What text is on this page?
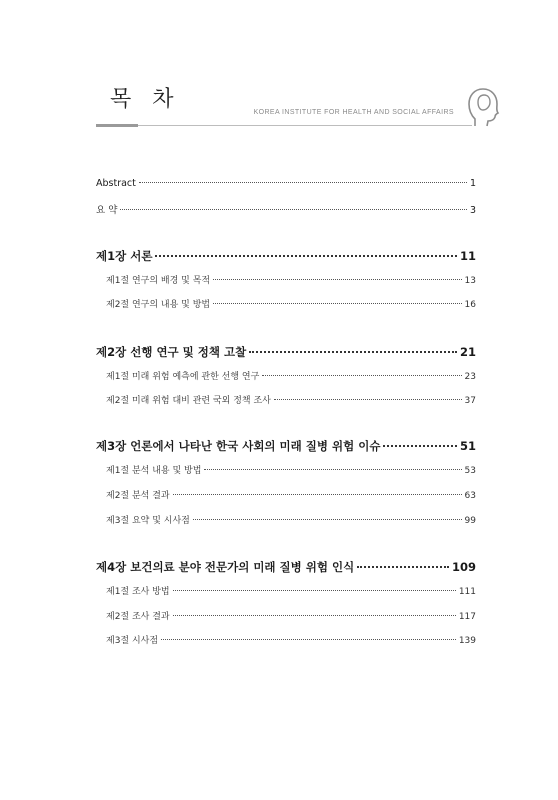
목 차
KOREA INSTITUTE FOR HEALTH AND SOCIAL AFFAIRS
Abstract	1
요 약	3
제1장 서론	11
제1절 연구의 배경 및 목적	13
제2절 연구의 내용 및 방법	16
제2장 선행 연구 및 정책 고찰	21
제1절 미래 위험 예측에 관한 선행 연구	23
제2절 미래 위험 대비 관련 국외 정책 조사	37
제3장 언론에서 나타난 한국 사회의 미래 질병 위험 이슈	51
제1절 분석 내용 및 방법	53
제2절 분석 결과	63
제3절 요약 및 시사점	99
제4장 보건의료 분야 전문가의 미래 질병 위험 인식	109
제1절 조사 방법	111
제2절 조사 결과	117
제3절 시사점	139
